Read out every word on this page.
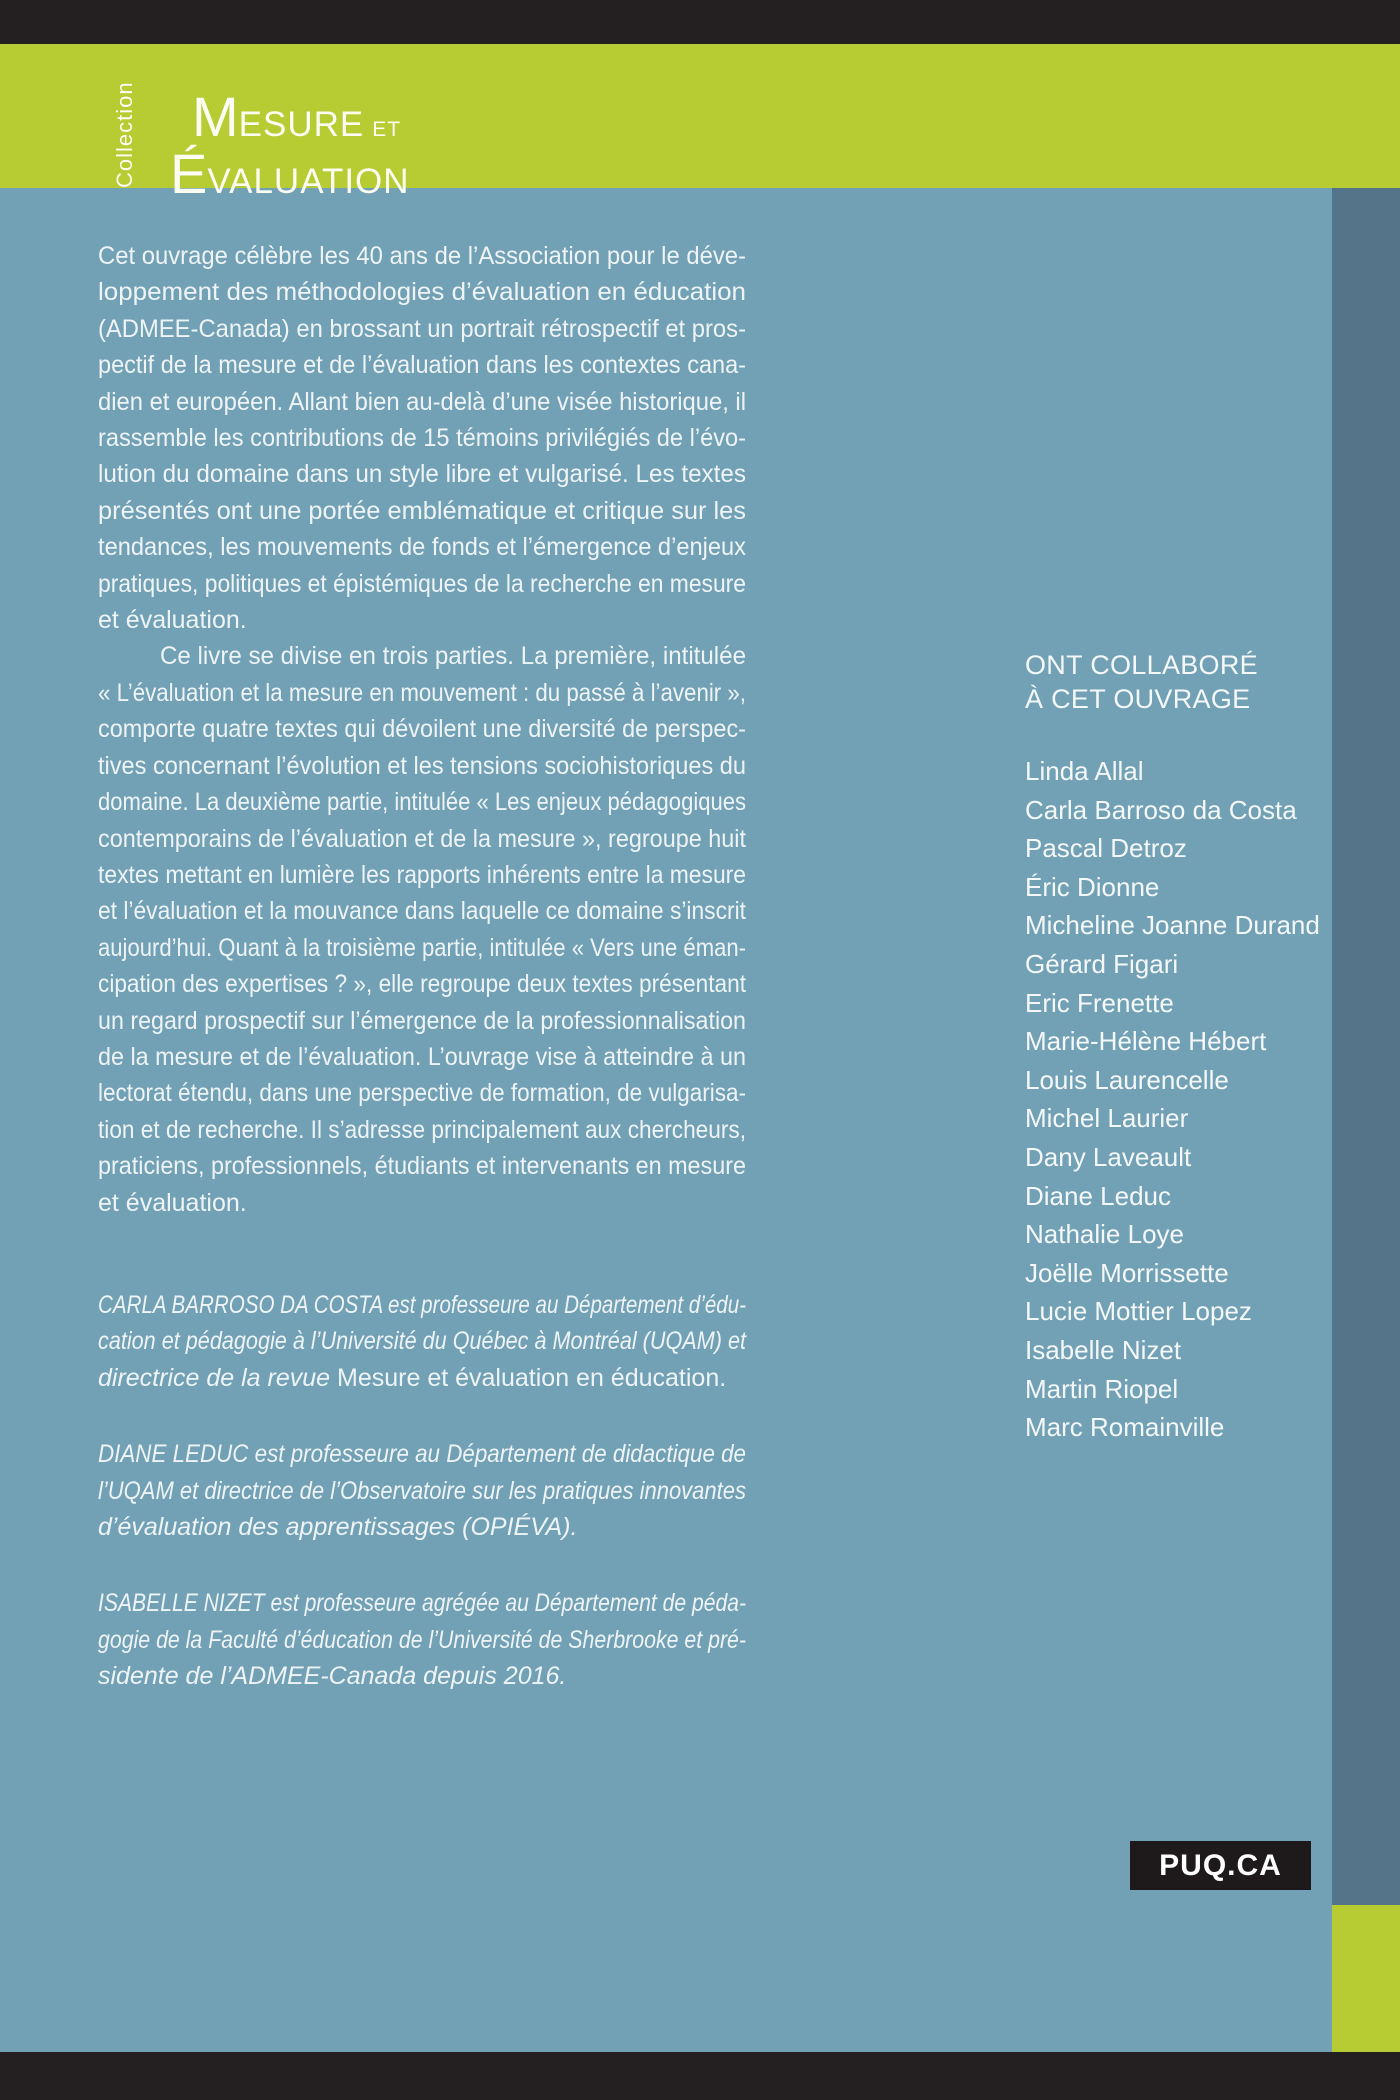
Collection MESURE ET
ÉVALUATION
Cet ouvrage célèbre les 40 ans de l’Association pour le déve-
loppement des méthodologies d’évaluation en éducation
(ADMEE-Canada) en brossant un portrait rétrospectif et pros-
pectif de la mesure et de l’évaluation dans les contextes cana-
dien et européen. Allant bien au-delà d’une visée historique, il
rassemble les contributions de 15 témoins privilégiés de l’évo-
lution du domaine dans un style libre et vulgarisé. Les textes
présentés ont une portée emblématique et critique sur les
tendances, les mouvements de fonds et l’émergence d’enjeux
pratiques, politiques et épistémiques de la recherche en mesure
et évaluation.
Ce livre se divise en trois parties. La première, intitulée
« L’évaluation et la mesure en mouvement : du passé à l’avenir »,
comporte quatre textes qui dévoilent une diversité de perspec-
tives concernant l’évolution et les tensions sociohistoriques du
domaine. La deuxième partie, intitulée « Les enjeux pédagogiques
contemporains de l’évaluation et de la mesure », regroupe huit
textes mettant en lumière les rapports inhérents entre la mesure
et l’évaluation et la mouvance dans laquelle ce domaine s’inscrit
aujourd’hui. Quant à la troisième partie, intitulée « Vers une éman-
cipation des expertises ? », elle regroupe deux textes présentant
un regard prospectif sur l’émergence de la professionnalisation
de la mesure et de l’évaluation. L’ouvrage vise à atteindre à un
lectorat étendu, dans une perspective de formation, de vulgarisa-
tion et de recherche. Il s’adresse principalement aux chercheurs,
praticiens, professionnels, étudiants et intervenants en mesure
et évaluation.
CARLA BARROSO DA COSTA est professeure au Département d’édu-
cation et pédagogie à l’Université du Québec à Montréal (UQAM) et
directrice de la revue Mesure et évaluation en éducation.
DIANE LEDUC est professeure au Département de didactique de
l’UQAM et directrice de l’Observatoire sur les pratiques innovantes
d’évaluation des apprentissages (OPIÉVA).
ISABELLE NIZET est professeure agrégée au Département de péda-
gogie de la Faculté d’éducation de l’Université de Sherbrooke et pré-
sidente de l’ADMEE-Canada depuis 2016.
ONT COLLABORÉ
À CET OUVRAGE
Linda Allal
Carla Barroso da Costa
Pascal Detroz
Éric Dionne
Micheline Joanne Durand
Gérard Figari
Eric Frenette
Marie-Hélène Hébert
Louis Laurencelle
Michel Laurier
Dany Laveault
Diane Leduc
Nathalie Loye
Joëlle Morrissette
Lucie Mottier Lopez
Isabelle Nizet
Martin Riopel
Marc Romainville
PUQ.CA
